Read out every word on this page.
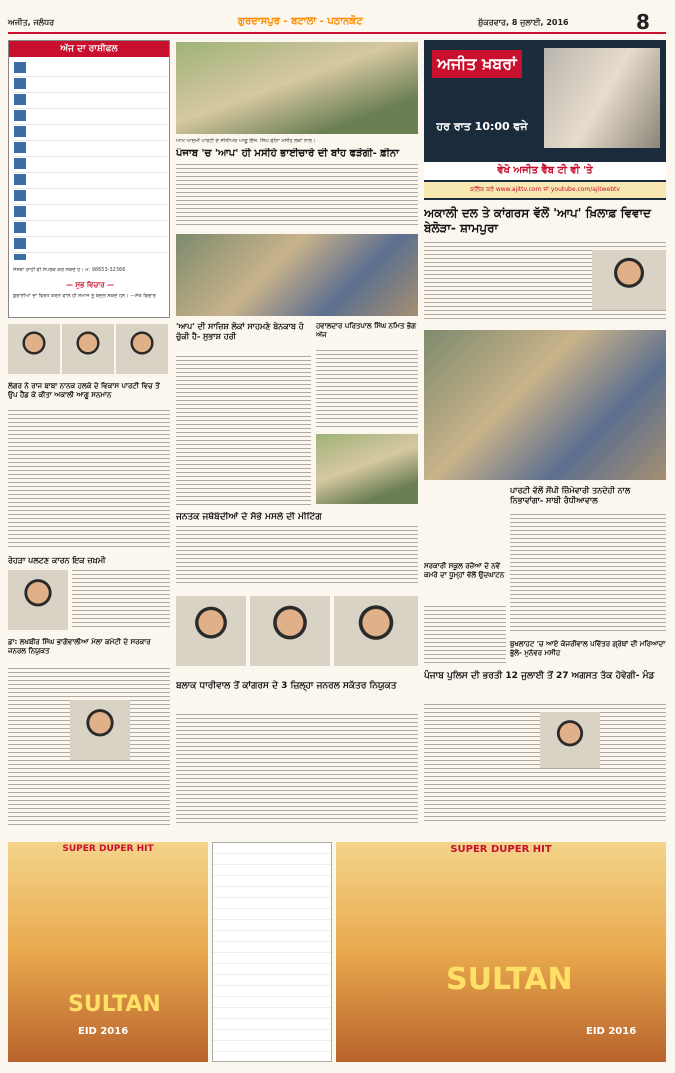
ਅਜੀਤ, ਜਲੰਧਰ	ਗੁਰਦਾਸਪੁਰ - ਬਟਾਲਾ - ਪਠਾਨਕੋਟ	ਸ਼ੁੱਕਰਵਾਰ, 8 ਜੁਲਾਈ, 2016	8
ਅੱਜ ਦਾ ਰਾਸ਼ੀਫਲ
ਸੰਸਥਾ ਰਾਹੀਂ ਵੀ ਸੰਪਰਕ ਕਰ ਸਕਦੇ ਹੋ। ਮੋ: 98653-32366
— ਸੁਭ ਵਿਚਾਰ —
ਬੁਰਾਈਆਂ ਦਾ ਵਿਰੋਧ ਕਰਨ ਵਾਲੇ ਹੀ ਸਮਾਜ ਨੂੰ ਬਦਲ ਸਕਦੇ ਹਨ। —ਸੰਤ ਵਿਚਾਰ
ਆਮ ਆਦਮੀ ਪਾਰਟੀ ਦੇ ਸੀਨੀਅਰ ਆਗੂ ਇੰਜ. ਸਿੰਘ ਫ਼ੀਨਾ ਮਸੀਹ ਲੋਕਾਂ ਨਾਲ।
ਪੰਜਾਬ 'ਚ 'ਆਪ' ਹੀ ਮਸੀਹੇ ਭਾਈਚਾਰੇ ਦੀ ਬਾਂਹ ਫੜੇਗੀ- ਫ਼ੀਨਾ
ਅਜੀਤ ਖ਼ਬਰਾਂ
ਹਰ ਰਾਤ 10:00 ਵਜੇ
ਵੇਖੋ ਅਜੀਤ ਵੈੱਬ ਟੀ ਵੀ 'ਤੇ
ਕਲਿੱਕ ਕਰੋ www.ajittv.com ਜਾਂ youtube.com/ajitwebtv
ਅਕਾਲੀ ਦਲ ਤੇ ਕਾਂਗਰਸ ਵੱਲੋਂ 'ਆਪ' ਖ਼ਿਲਾਫ਼ ਵਿਵਾਦ ਬੇਲੋੜਾ- ਸ਼ਾਮਪੁਰਾ
ਲੰਗਰ ਨੇ ਰਾਜ ਬਾਬਾ ਨਾਨਕ ਹਲਕੇ ਦੇ ਵਿਕਾਸ ਪਾਰਟੀ ਵਿਚ ਤੋਂ ਉਪ ਹੈਂਡ ਕੇ ਕੀਤਾ ਅਕਾਲੀ ਆਗੂ ਸਨਮਾਨ
'ਆਪ' ਦੀ ਸਾਜ਼ਿਸ਼ ਲੋਕਾਂ ਸਾਹਮਣੇ ਬੇਨਕਾਬ ਹੋ ਚੁੱਕੀ ਹੈ- ਸੁਭਾਸ਼ ਹਰੀ
ਹਵਾਲਦਾਰ ਪਰਿਤਪਾਲ ਸਿੰਘ ਨਮਿਤ ਭੋਗ ਅੱਜ
ਪਾਰਟੀ ਵੱਲੋਂ ਸੌਂਪੀ ਜ਼ਿੰਮੇਵਾਰੀ ਤਨਦੇਹੀ ਨਾਲ ਨਿਭਾਵਾਂਗਾ- ਸਾਬੀ ਰੰਧੀਆਵਾਲ
ਜਨਤਕ ਜਥੇਬੰਦੀਆਂ ਦੇ ਸੱਭੇ ਮਸਲੇ ਦੀ ਮੀਟਿੰਗ
ਸਰਕਾਰੀ ਸਕੂਲ ਰਜ਼ੋਆ ਦੇ ਨਵੇਂ ਕਮਰੇ ਦਾ ਧੂਮ੍ਹਾਂ ਵੱਲੋਂ ਉਦਘਾਟਨ
ਰੇਹੜਾ ਪਲਟਣ ਕਾਰਨ ਇਕ ਜ਼ਖ਼ਮੀ
ਡਾ: ਲਖਬੀਰ ਸਿੰਘ ਭਾਗੋਵਾਲੀਆ ਮੇਲਾ ਕਮੇਟੀ ਦੇ ਸਰਕਾਰ ਜਨਰਲ ਨਿਯੁਕਤ
ਬਲਾਕ ਧਾਰੀਵਾਲ ਤੋਂ ਕਾਂਗਰਸ ਦੇ 3 ਜ਼ਿਲ੍ਹਾ ਜਨਰਲ ਸਕੱਤਰ ਨਿਯੁਕਤ
ਪੰਜਾਬ ਪੁਲਿਸ ਦੀ ਭਰਤੀ 12 ਜੁਲਾਈ ਤੋਂ 27 ਅਗਸਤ ਤੱਕ ਹੋਵੇਗੀ- ਮੰਡ
ਬੁਖਲਾਹਟ 'ਚ ਆਏ ਕੇਜਰੀਵਾਲ ਪਵਿੱਤਰ ਗ੍ਰੰਥਾਂ ਦੀ ਮਰਿਆਦਾ ਭੁੱਲੇ- ਮੁਨੱਵਰ ਮਸੀਹ
SUPER DUPER HIT
SULTAN
EID 2016
SUPER DUPER HIT
SULTAN
EID 2016
